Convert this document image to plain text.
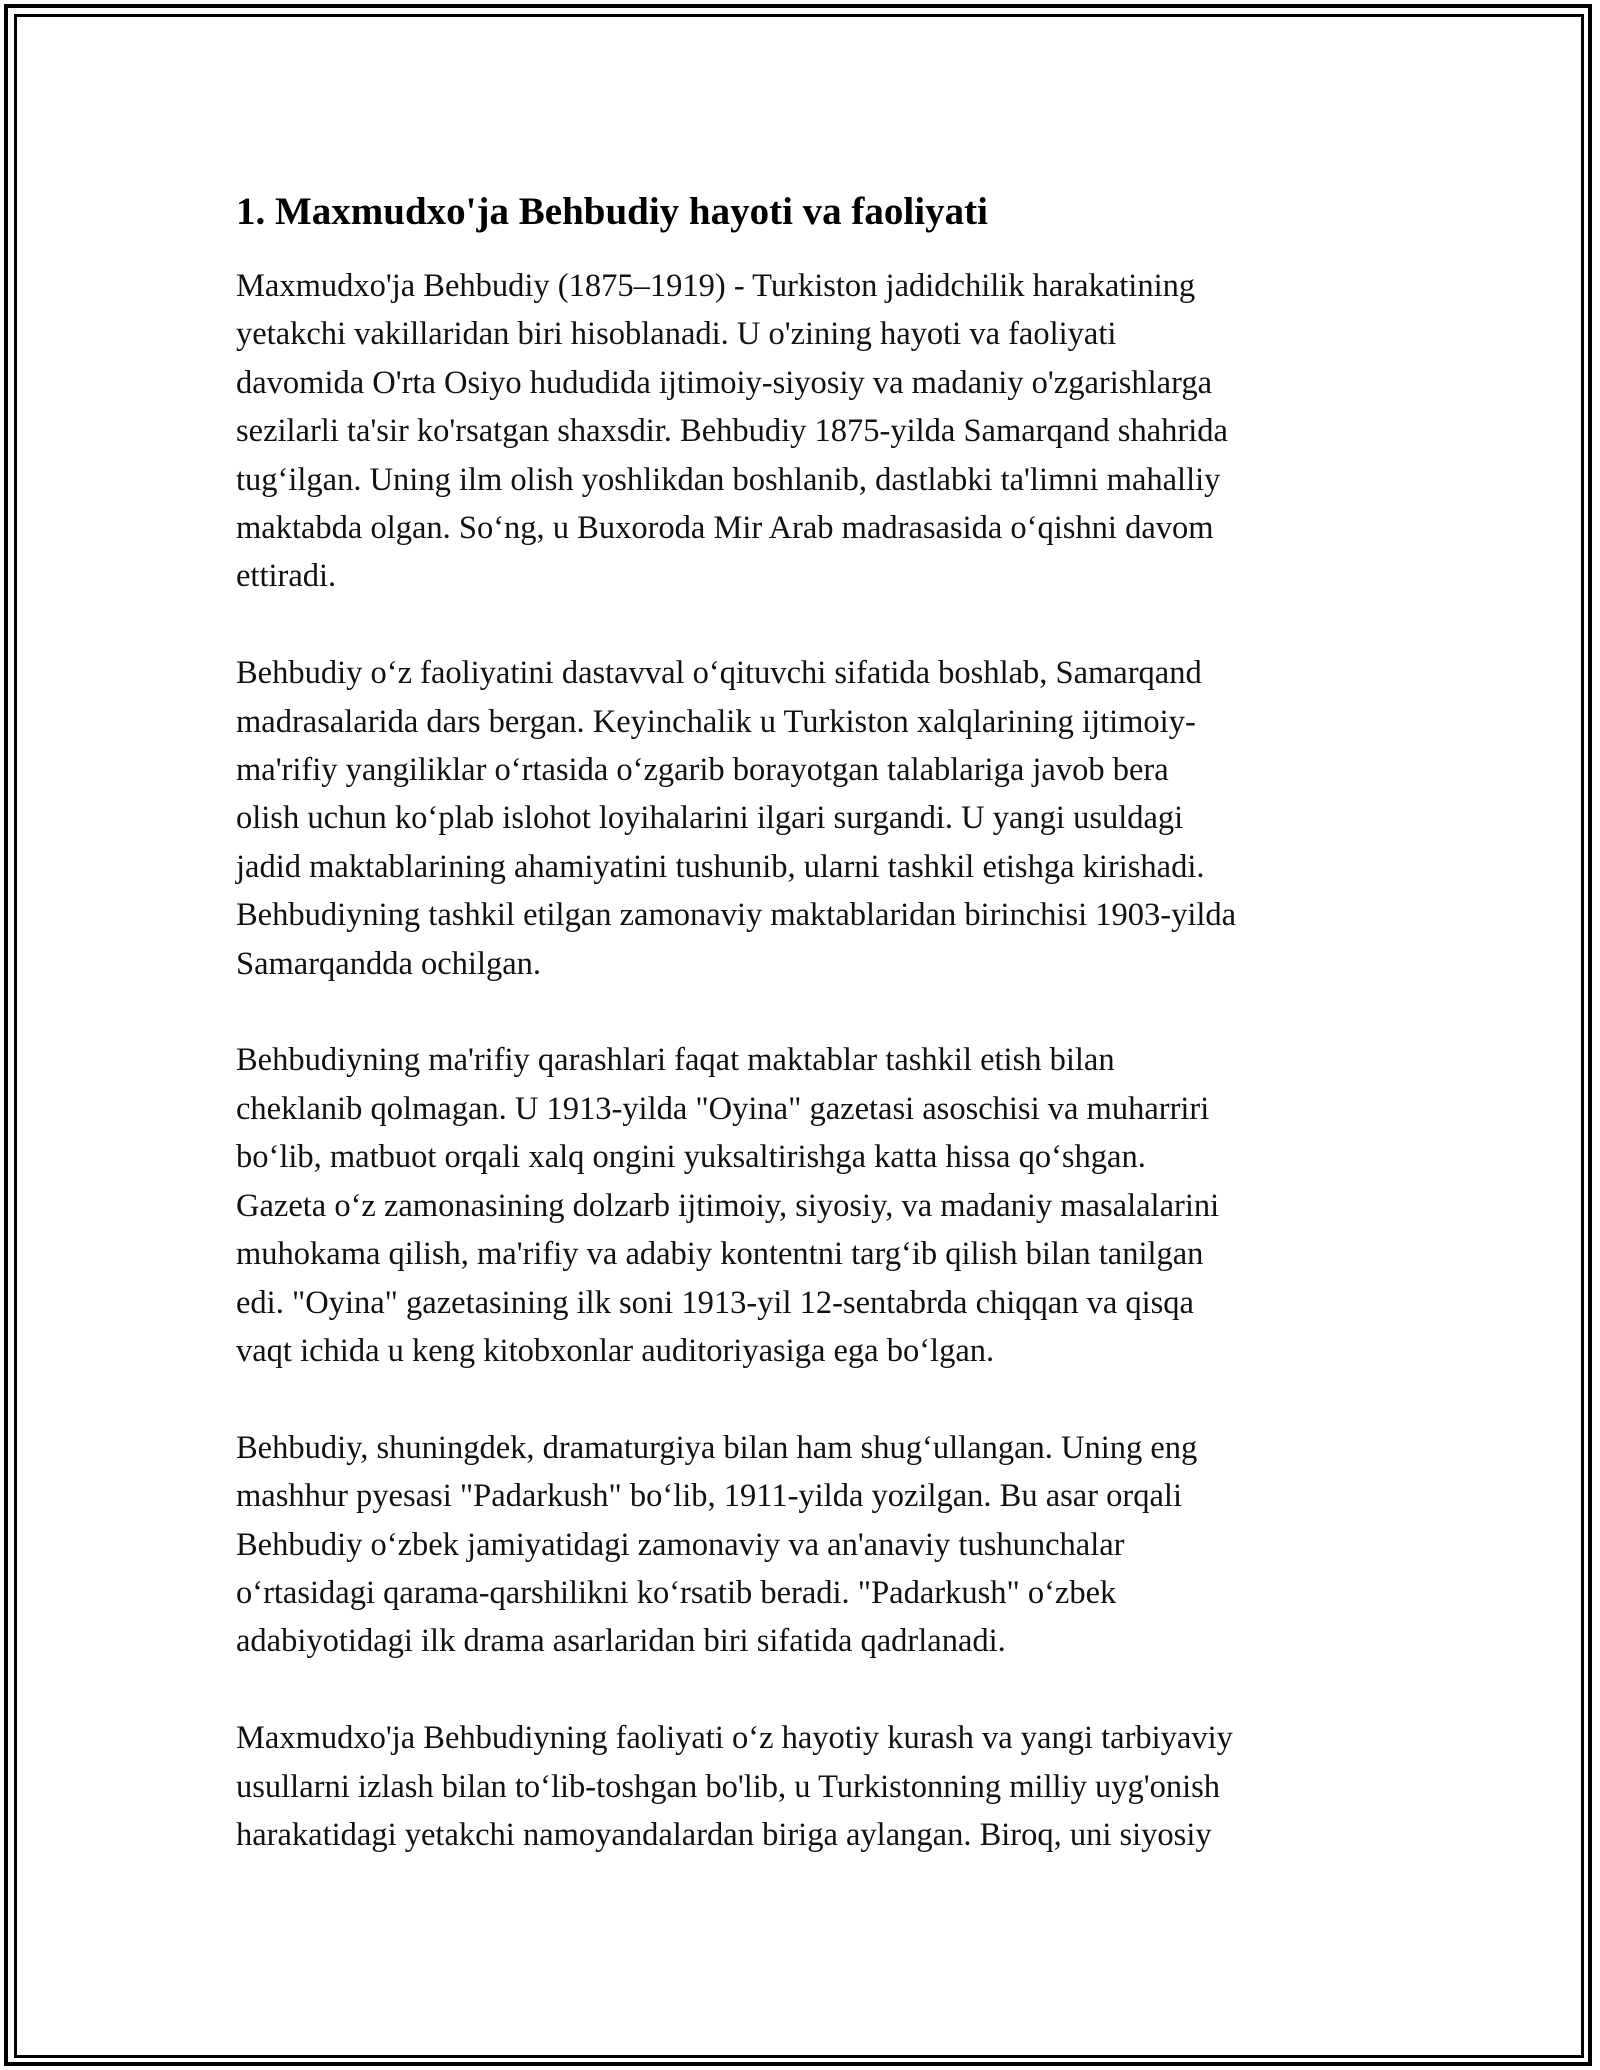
1. Maxmudxo'ja Behbudiy hayoti va faoliyati
Maxmudxo'ja Behbudiy (1875–1919) - Turkiston jadidchilik harakatining
yetakchi vakillaridan biri hisoblanadi. U o'zining hayoti va faoliyati
davomida O'rta Osiyo hududida ijtimoiy-siyosiy va madaniy o'zgarishlarga
sezilarli ta'sir ko'rsatgan shaxsdir. Behbudiy 1875-yilda Samarqand shahrida
tug‘ilgan. Uning ilm olish yoshlikdan boshlanib, dastlabki ta'limni mahalliy
maktabda olgan. So‘ng, u Buxoroda Mir Arab madrasasida o‘qishni davom
ettiradi.
Behbudiy o‘z faoliyatini dastavval o‘qituvchi sifatida boshlab, Samarqand
madrasalarida dars bergan. Keyinchalik u Turkiston xalqlarining ijtimoiy-
ma'rifiy yangiliklar o‘rtasida o‘zgarib borayotgan talablariga javob bera
olish uchun ko‘plab islohot loyihalarini ilgari surgandi. U yangi usuldagi
jadid maktablarining ahamiyatini tushunib, ularni tashkil etishga kirishadi.
Behbudiyning tashkil etilgan zamonaviy maktablaridan birinchisi 1903-yilda
Samarqandda ochilgan.
Behbudiyning ma'rifiy qarashlari faqat maktablar tashkil etish bilan
cheklanib qolmagan. U 1913-yilda "Oyina" gazetasi asoschisi va muharriri
bo‘lib, matbuot orqali xalq ongini yuksaltirishga katta hissa qo‘shgan.
Gazeta o‘z zamonasining dolzarb ijtimoiy, siyosiy, va madaniy masalalarini
muhokama qilish, ma'rifiy va adabiy kontentni targ‘ib qilish bilan tanilgan
edi. "Oyina" gazetasining ilk soni 1913-yil 12-sentabrda chiqqan va qisqa
vaqt ichida u keng kitobxonlar auditoriyasiga ega bo‘lgan.
Behbudiy, shuningdek, dramaturgiya bilan ham shug‘ullangan. Uning eng
mashhur pyesasi "Padarkush" bo‘lib, 1911-yilda yozilgan. Bu asar orqali
Behbudiy o‘zbek jamiyatidagi zamonaviy va an'anaviy tushunchalar
o‘rtasidagi qarama-qarshilikni ko‘rsatib beradi. "Padarkush" o‘zbek
adabiyotidagi ilk drama asarlaridan biri sifatida qadrlanadi.
Maxmudxo'ja Behbudiyning faoliyati o‘z hayotiy kurash va yangi tarbiyaviy
usullarni izlash bilan to‘lib-toshgan bo'lib, u Turkistonning milliy uyg'onish
harakatidagi yetakchi namoyandalardan biriga aylangan. Biroq, uni siyosiy
